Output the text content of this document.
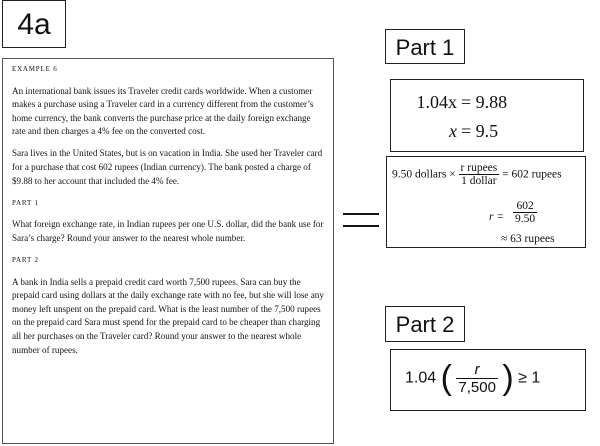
4a

EXAMPLE 6

An international bank issues its Traveler credit cards worldwide. When a customer makes a purchase using a Traveler card in a currency different from the customer’s home currency, the bank converts the purchase price at the daily foreign exchange rate and then charges a 4% fee on the converted cost.

Sara lives in the United States, but is on vacation in India. She used her Traveler card for a purchase that cost 602 rupees (Indian currency). The bank posted a charge of $9.88 to her account that included the 4% fee.

PART 1

What foreign exchange rate, in Indian rupees per one U.S. dollar, did the bank use for Sara’s charge? Round your answer to the nearest whole number.

PART 2

A bank in India sells a prepaid credit card worth 7,500 rupees. Sara can buy the prepaid card using dollars at the daily exchange rate with no fee, but she will lose any money left unspent on the prepaid card. What is the least number of the 7,500 rupees on the prepaid card Sara must spend for the prepaid card to be cheaper than charging all her purchases on the Traveler card? Round your answer to the nearest whole number of rupees.

Part 1
1.04x = 9.88
x = 9.5
9.50 dollars × $\frac{\text{r rupees}}{\text{1 dollar}} = 602$ rupees
$r = \frac{602}{9.50}$
≈ 63 rupees
Part 2
1.04 ( $\frac{r}{7,500}$ ) ≥ 1
